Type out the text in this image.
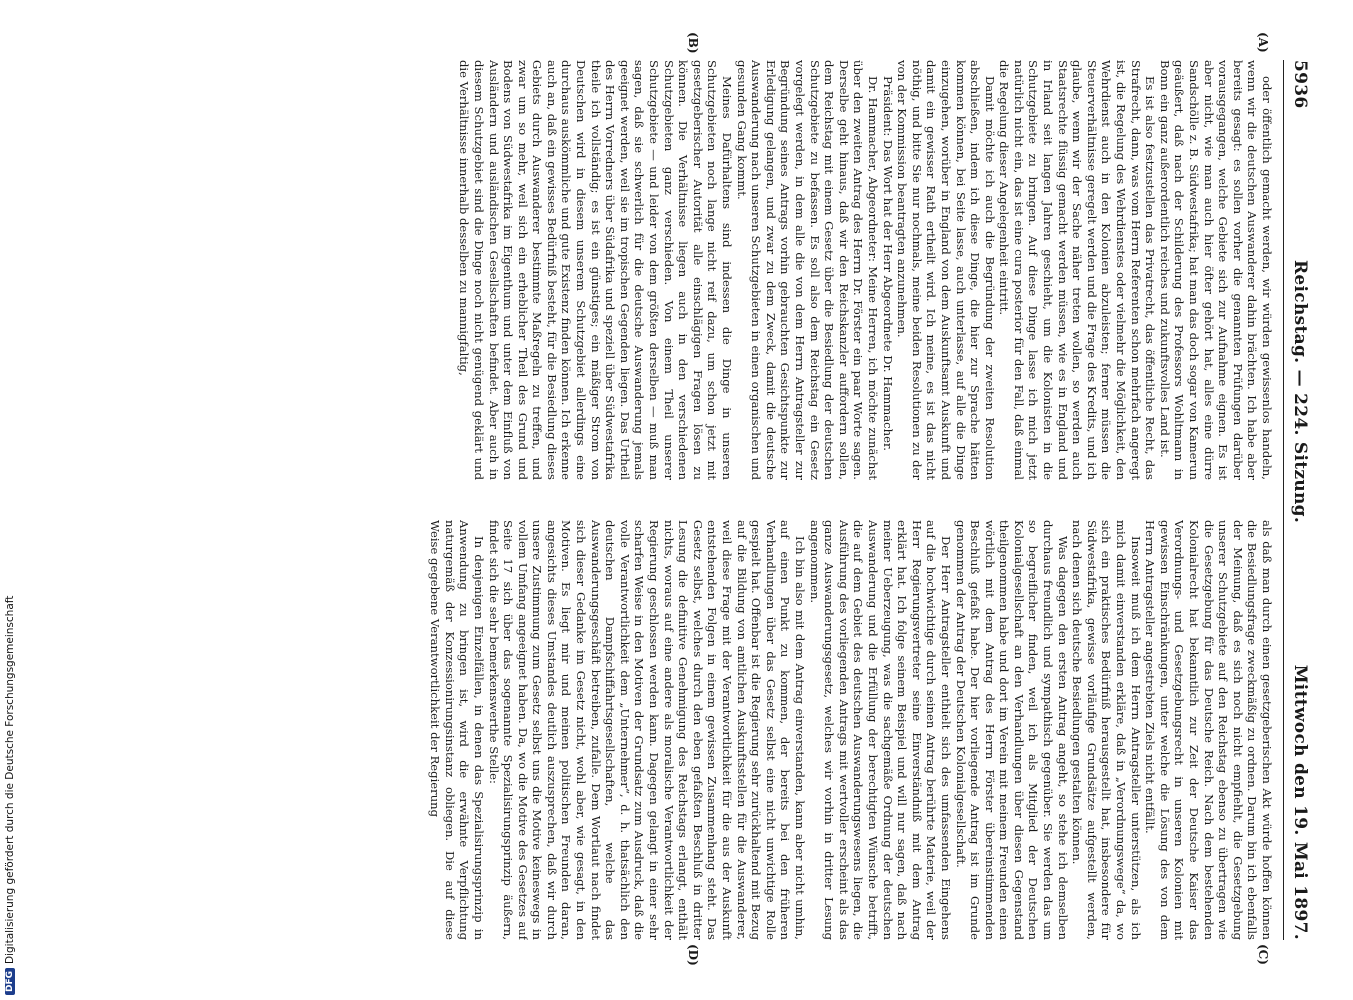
5936
Reichstag. — 224. Sitzung.
Mittwoch den 19. Mai 1897.
(A)
(B)
(C)
(D)

oder öffentlich gemacht werden, wir würden gewissenlos handeln, wenn wir die deutschen Auswanderer dahin brächten. Ich habe aber bereits gesagt: es sollen vorher die genannten Prüfungen darüber vorausgegangen, welche Gebiete sich zur Aufnahme eignen. Es ist aber nicht, wie man auch hier öfter gehört hat, alles eine dürre Sandschölle z. B. Südwestafrika; hat man das doch sogar von Kamerun geäußert, daß nach der Schilderung des Professors Wohltmann in Bonn ein ganz außerordentlich reiches und zukunftsvolles Land ist.

Es ist also festzustellen das Privatrecht, das öffentliche Recht, das Strafrecht, dann, was vom Herrn Referenten schon mehrfach angeregt ist, die Regelung des Wehrdienstes oder vielmehr die Möglichkeit, den Wehrdienst auch in den Kolonien abzuleisten; ferner müssen die Steuerverhältnisse geregelt werden und die Frage des Kredits, und ich glaube, wenn wir der Sache näher treten wollen, so werden auch Staatsrechte flüssig gemacht werden müssen, wie es in England und in Irland seit langen Jahren geschieht, um die Kolonisten in die Schutzgebiete zu bringen. Auf diese Dinge lasse ich mich jetzt natürlich nicht ein, das ist eine cura posterior für den Fall, daß einmal die Regelung dieser Angelegenheit eintritt.

Damit möchte ich auch die Begründung der zweiten Resolution abschließen, indem ich diese Dinge, die hier zur Sprache hätten kommen können, bei Seite lasse, auch unterlasse, auf alle die Dinge einzugehen, worüber in England von dem Auskunftsamt Auskunft und damit ein gewisser Rath ertheilt wird. Ich meine, es ist das nicht nöthig, und bitte Sie nur nochmals, meine beiden Resolutionen zu der von der Kommission beantragten anzunehmen.

Präsident: Das Wort hat der Herr Abgeordnete Dr. Hammacher.

Dr. Hammacher, Abgeordneter: Meine Herren, ich möchte zunächst über den zweiten Antrag des Herrn Dr. Förster ein paar Worte sagen. Derselbe geht hinaus, daß wir den Reichskanzler auffordern sollen, dem Reichstag mit einem Gesetz über die Besiedlung der deutschen Schutzgebiete zu befassen. Es soll also dem Reichstag ein Gesetz vorgelegt werden, in dem alle die von dem Herrn Antragsteller zur Begründung seines Antrags vorhin gebrauchten Gesichtspunkte zur Erledigung gelangen, und zwar zu dem Zweck, damit die deutsche Auswanderung nach unseren Schutzgebieten in einen organischen und gesunden Gang kommt.

Meines Dafürhaltens sind indessen die Dinge in unseren Schutzgebieten noch lange nicht reif dazu, um schon jetzt mit gesetzgeberischer Autorität alle einschlägigen Fragen lösen zu können. Die Verhältnisse liegen auch in den verschiedenen Schutzgebieten ganz verschieden. Von einem Theil unserer Schutzgebiete — und leider von dem größten derselben — muß man sagen, daß sie schwerlich für die deutsche Auswanderung jemals geeignet werden, weil sie im tropischen Gegenden liegen. Das Urtheil des Herrn Vorredners über Südafrika und speziell über Südwestafrika theile ich vollständig; es ist ein günstiges; ein mäßiger Strom von Deutschen wird in diesem unserem Schutzgebiet allerdings eine durchaus auskömmliche und gute Existenz finden können. Ich erkenne auch an, daß ein gewisses Bedürfniß besteht, für die Besiedlung dieses Gebiets durch Auswanderer bestimmte Maßregeln zu treffen, und zwar um so mehr, weil sich ein erheblicher Theil des Grund und Bodens von Südwestafrika im Eigenthum und unter dem Einfluß von Ausländern und ausländischen Gesellschaften befindet. Aber auch in diesem Schutzgebiet sind die Dinge noch nicht genügend geklärt und die Verhältnisse innerhalb desselben zu mannigfaltig,

als daß man durch einen gesetzgeberischen Akt würde hoffen können die Besiedlungsfrage zweckmäßig zu ordnen. Darum bin ich ebenfalls der Meinung, daß es sich noch nicht empfiehlt, die Gesetzgebung unserer Schutzgebiete auf den Reichstag ebenso zu übertragen wie die Gesetzgebung für das Deutsche Reich. Nach dem bestehenden Kolonialrecht hat bekanntlich zur Zeit der Deutsche Kaiser das Verordnungs- und Gesetzgebungsrecht in unseren Kolonien mit gewissen Einschränkungen, unter welche die Lösung des von dem Herrn Antragsteller angestrebten Ziels nicht entfällt.

Insoweit muß ich dem Herrn Antragsteller unterstützen, als ich mich damit einverstanden erkläre, daß in „Verordnungswege“ da, wo sich ein praktisches Bedürfniß herausgestellt hat, insbesondere für Südwestafrika, gewisse vorläufige Grundsätze aufgestellt werden, nach denen sich deutsche Besiedlungen gestalten können.

Was dagegen den ersten Antrag angeht, so stehe ich demselben durchaus freundlich und sympathisch gegenüber. Sie werden das um so begreiflicher finden, weil ich als Mitglied der Deutschen Kolonialgesellschaft an den Verhandlungen über diesen Gegenstand theilgenommen habe und dort im Verein mit meinem Freunden einen wörtlich mit dem Antrag des Herrn Förster übereinstimmenden Beschluß gefaßt habe. Der hier vorliegende Antrag ist im Grunde genommen der Antrag der Deutschen Kolonialgesellschaft.

Der Herr Antragsteller enthielt sich des umfassenden Eingehens auf die hochwichtige durch seinen Antrag berührte Materie, weil der Herr Regierungsvertreter seine Einverständniß mit dem Antrag erklärt hat. Ich folge seinem Beispiel und will nur sagen, daß nach meiner Ueberzeugung, was die sachgemäße Ordnung der deutschen Auswanderung und die Erfüllung der berechtigten Wünsche betrifft, die auf dem Gebiet des deutschen Auswanderungswesens liegen, die Ausführung des vorliegenden Antrags mit wertvoller erscheint als das ganze Auswanderungsgesetz, welches wir vorhin in dritter Lesung angenommen.

Ich bin also mit dem Antrag einverstanden, kann aber nicht umhin, auf einen Punkt zu kommen, der bereits bei den früheren Verhandlungen über das Gesetz selbst eine nicht unwichtige Rolle gespielt hat. Offenbar ist die Regierung sehr zurückhaltend mit Bezug auf die Bildung von amtlichen Auskunftsstellen für die Auswanderer, weil diese Frage mit der Verantwortlichkeit für die aus der Auskunft entstehenden Folgen in einem gewissen Zusammenhang steht. Das Gesetz selbst, welches durch den eben gefaßten Beschluß in dritter Lesung die definitive Genehmigung des Reichstags erlangt, enthält nichts, woraus auf eine andere als moralische Verantwortlichkeit der Regierung geschlossen werden kann. Dagegen gelangt in einer sehr scharfen Weise in den Motiven der Grundsatz zum Ausdruck, daß die volle Verantwortlichkeit dem „Unternehmer“, d. h. thatsächlich den deutschen Dampfschiffahrtsgesellschaften, welche das Auswanderungsgeschäft betreiben, zufalle. Dem Wortlaut nach findet sich dieser Gedanke im Gesetz nicht, wohl aber, wie gesagt, in den Motiven. Es liegt mir und meinen politischen Freunden daran, angesichts dieses Umstandes deutlich auszusprechen, daß wir durch unsere Zustimmung zum Gesetz selbst uns die Motive keineswegs in vollem Umfang angeeignet haben. Da, wo die Motive des Gesetzes auf Seite 17 sich über das sogenannte Spezialisirungsprinzip äußern, findet sich die sehr bemerkenswerthe Stelle:

In denjenigen Einzelfällen, in denen das Spezialisirungsprinzip in Anwendung zu bringen ist, wird die erwähnte Verpflichtung naturgemäß der Konzessionirungsinstanz obliegen. Die auf diese Weise gegebene Verantwortlichkeit der Regierung

DFGDigitalisierung gefördert durch die Deutsche Forschungsgemeinschaft
